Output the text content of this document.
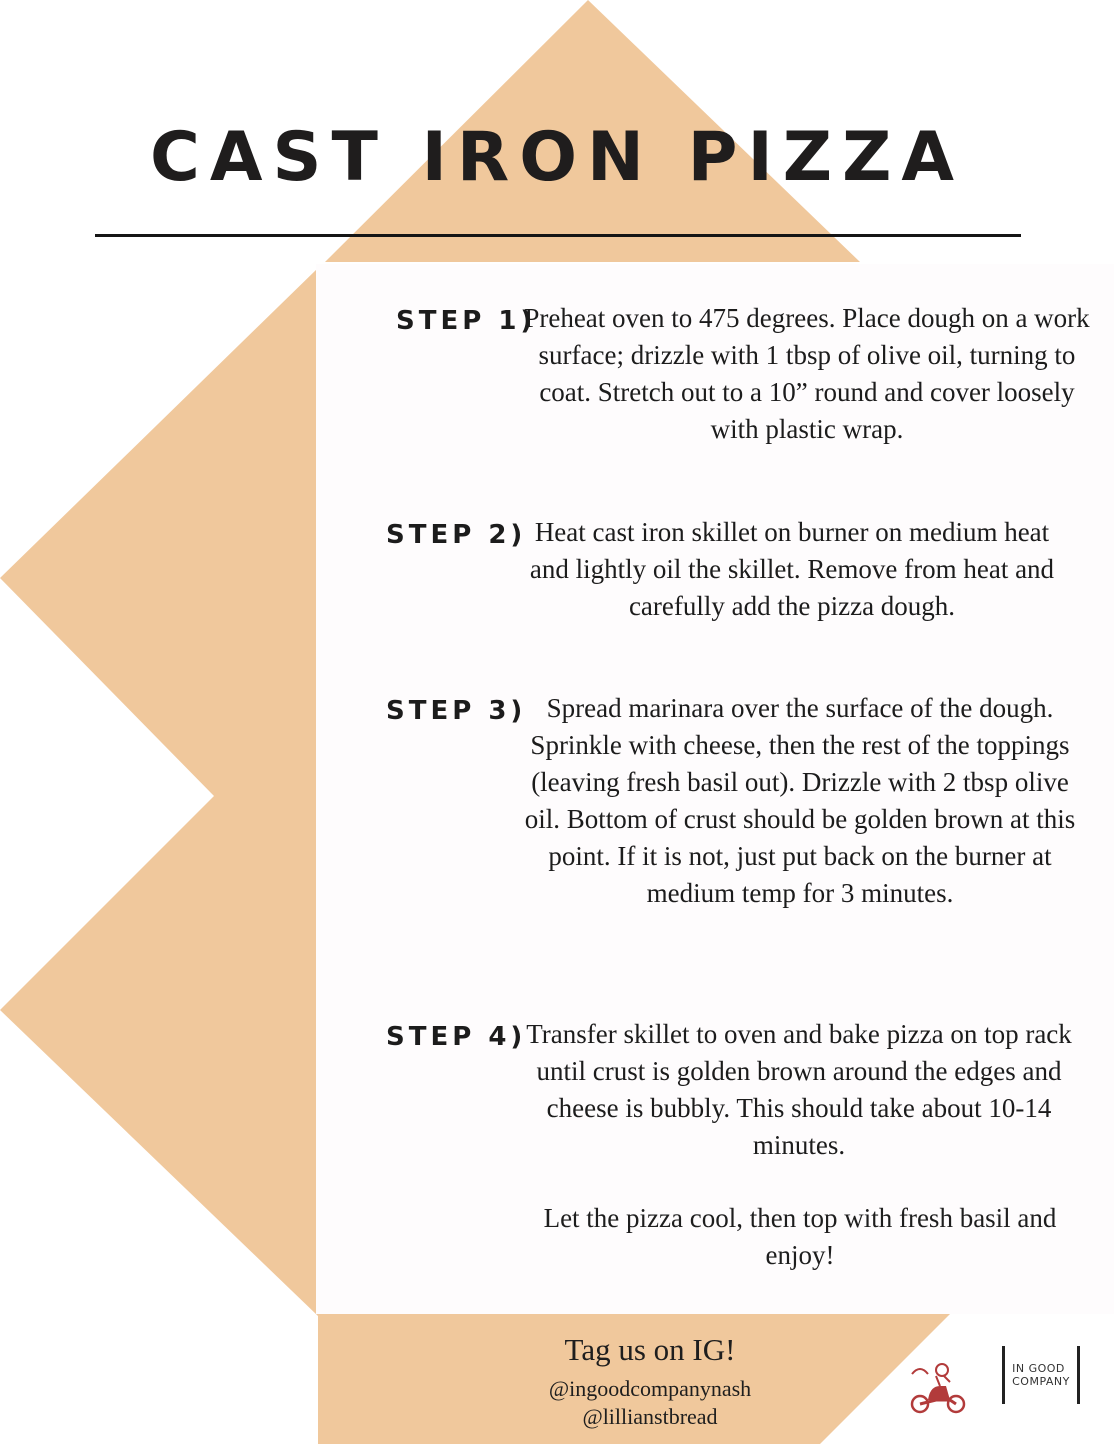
CAST IRON PIZZA
STEP 1)
Preheat oven to 475 degrees. Place dough on a work surface; drizzle with 1 tbsp of olive oil, turning to coat. Stretch out to a 10” round and cover loosely with plastic wrap.
STEP 2) Heat cast iron skillet on burner on medium heat and lightly oil the skillet. Remove from heat and carefully add the pizza dough.
STEP 3) Spread marinara over the surface of the dough. Sprinkle with cheese, then the rest of the toppings (leaving fresh basil out). Drizzle with 2 tbsp olive oil. Bottom of crust should be golden brown at this point. If it is not, just put back on the burner at medium temp for 3 minutes.
STEP 4) Transfer skillet to oven and bake pizza on top rack until crust is golden brown around the edges and cheese is bubbly. This should take about 10-14 minutes.
Let the pizza cool, then top with fresh basil and enjoy!
Tag us on IG!
@ingoodcompanynash
@lillianstbread
IN GOOD
COMPANY
